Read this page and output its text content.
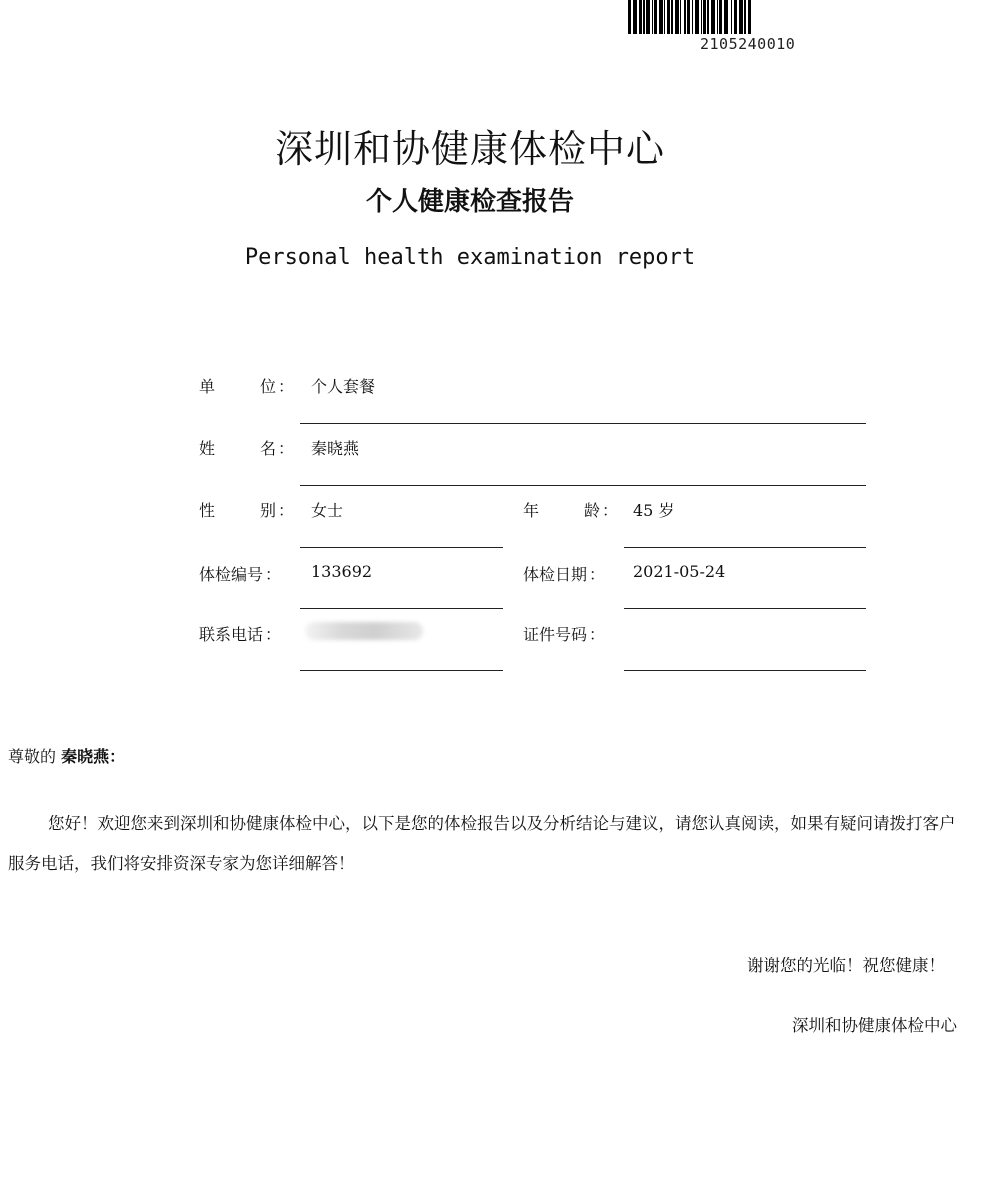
2105240010
深圳和协健康体检中心
个人健康检查报告
Personal health examination report
单	位 ： 个人套餐
姓	名 ： 秦晓燕
性	别 ： 女士	年	龄 ： 45 岁
体检编号 ： 133692	体检日期 ： 2021-05-24
联系电话 ：	证件号码 ：
尊敬的 秦晓燕：
您好！欢迎您来到深圳和协健康体检中心，以下是您的体检报告以及分析结论与建议，请您认真阅读，如果有疑问请拨打客户服务电话，我们将安排资深专家为您详细解答！
谢谢您的光临！祝您健康！
深圳和协健康体检中心
